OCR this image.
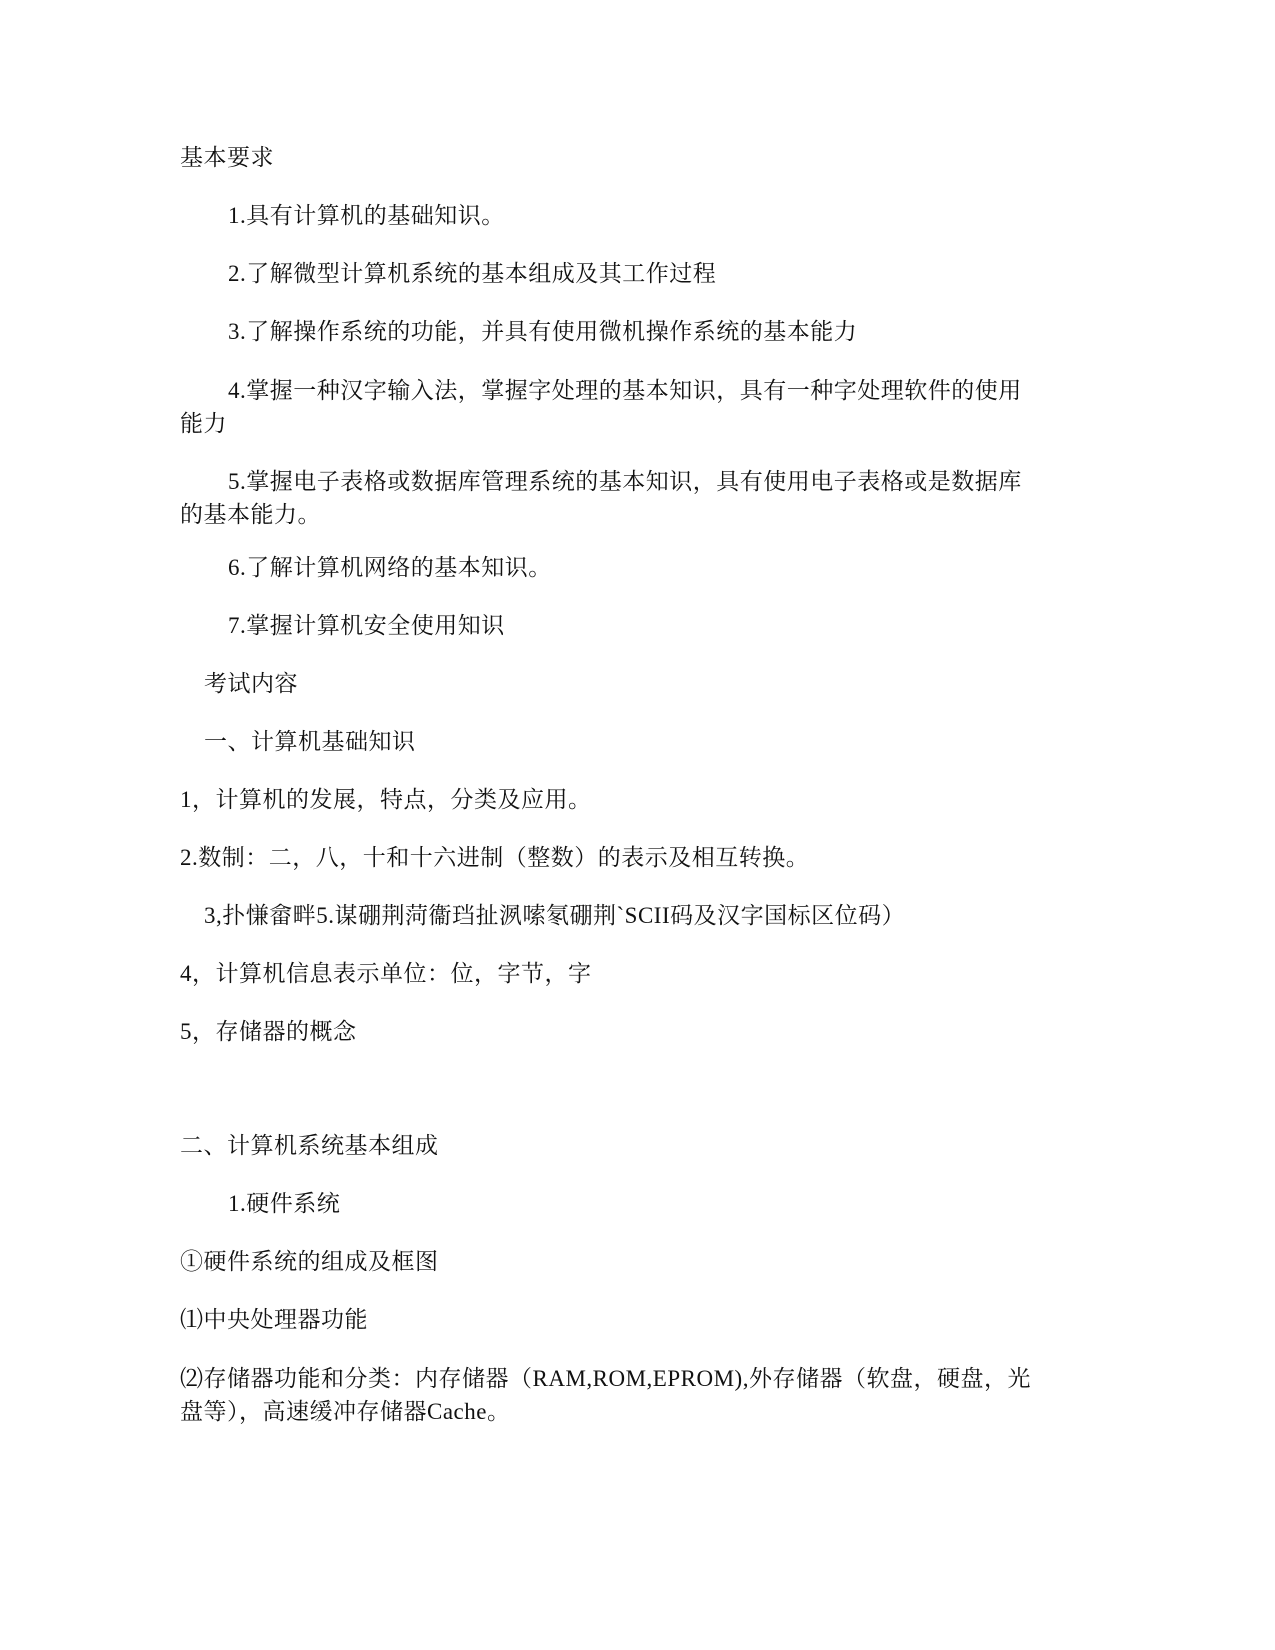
基本要求
1.具有计算机的基础知识。
2.了解微型计算机系统的基本组成及其工作过程
3.了解操作系统的功能，并具有使用微机操作系统的基本能力
4.掌握一种汉字输入法，掌握字处理的基本知识，具有一种字处理软件的使用能力
5.掌握电子表格或数据库管理系统的基本知识，具有使用电子表格或是数据库的基本能力。
6.了解计算机网络的基本知识。
7.掌握计算机安全使用知识
考试内容
一、计算机基础知识
1，计算机的发展，特点，分类及应用。
2.数制：二，八，十和十六进制（整数）的表示及相互转换。
3,扑慊畲畔5.谋硼荆菏衞珰扯洬嗦氡硼荆`SCII码及汉字国标区位码）
4，计算机信息表示单位：位，字节，字
5，存储器的概念
二、计算机系统基本组成
1.硬件系统
①硬件系统的组成及框图
⑴中央处理器功能
⑵存储器功能和分类：内存储器（RAM,ROM,EPROM),外存储器（软盘，硬盘，光盘等），高速缓冲存储器Cache。
